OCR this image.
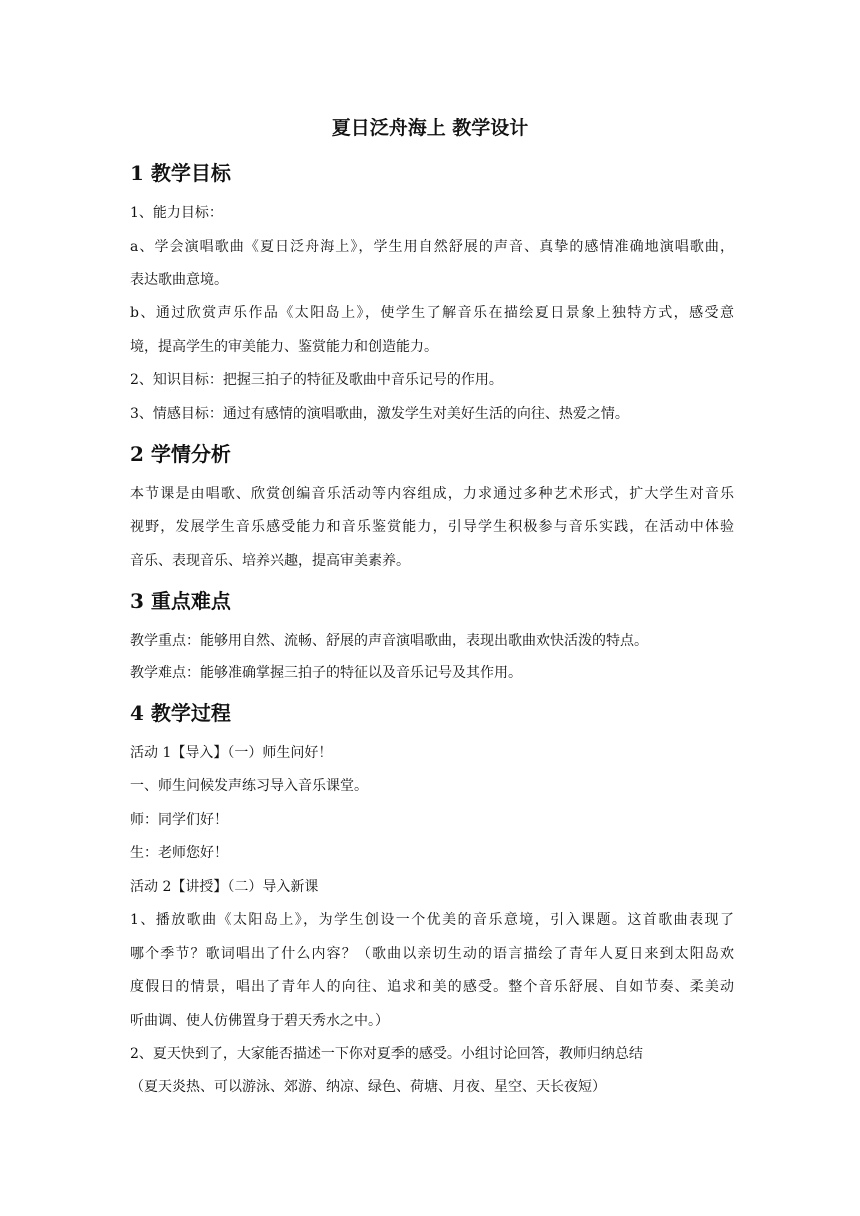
夏日泛舟海上 教学设计
1 教学目标
1、能力目标：
a、学会演唱歌曲《夏日泛舟海上》，学生用自然舒展的声音、真挚的感情准确地演唱歌曲，
表达歌曲意境。
b、通过欣赏声乐作品《太阳岛上》，使学生了解音乐在描绘夏日景象上独特方式，感受意
境，提高学生的审美能力、鉴赏能力和创造能力。
2、知识目标：把握三拍子的特征及歌曲中音乐记号的作用。
3、情感目标：通过有感情的演唱歌曲，激发学生对美好生活的向往、热爱之情。
2 学情分析
本节课是由唱歌、欣赏创编音乐活动等内容组成，力求通过多种艺术形式，扩大学生对音乐
视野，发展学生音乐感受能力和音乐鉴赏能力，引导学生积极参与音乐实践，在活动中体验
音乐、表现音乐、培养兴趣，提高审美素养。
3 重点难点
教学重点：能够用自然、流畅、舒展的声音演唱歌曲，表现出歌曲欢快活泼的特点。
教学难点：能够准确掌握三拍子的特征以及音乐记号及其作用。
4 教学过程
活动 1【导入】（一）师生问好！
一、师生问候发声练习导入音乐课堂。
师：同学们好！
生：老师您好！
活动 2【讲授】（二）导入新课
1、播放歌曲《太阳岛上》，为学生创设一个优美的音乐意境，引入课题。这首歌曲表现了
哪个季节？歌词唱出了什么内容？（歌曲以亲切生动的语言描绘了青年人夏日来到太阳岛欢
度假日的情景，唱出了青年人的向往、追求和美的感受。整个音乐舒展、自如节奏、柔美动
听曲调、使人仿佛置身于碧天秀水之中。）
2、夏天快到了，大家能否描述一下你对夏季的感受。小组讨论回答，教师归纳总结
（夏天炎热、可以游泳、郊游、纳凉、绿色、荷塘、月夜、星空、天长夜短）
